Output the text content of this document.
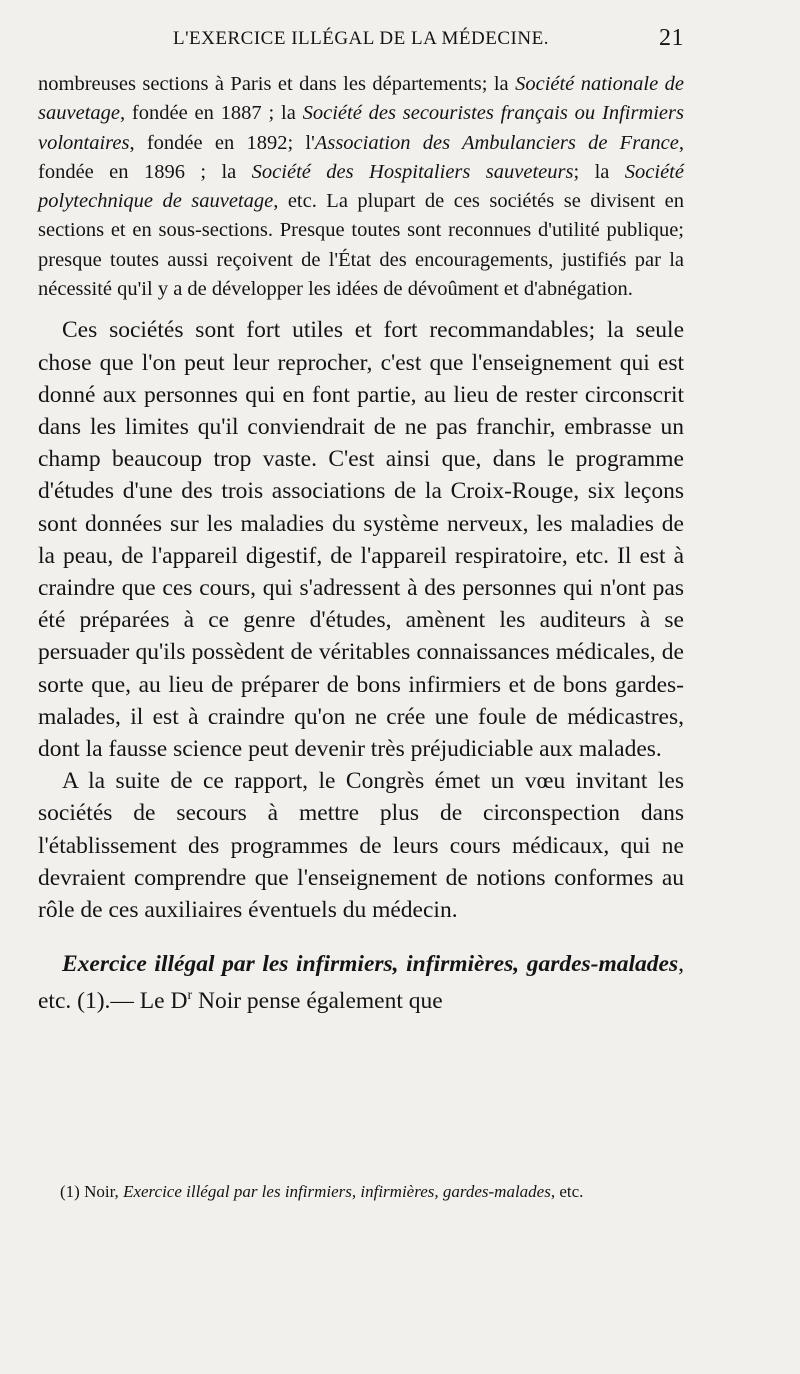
L'EXERCICE ILLÉGAL DE LA MÉDECINE.	21

nombreuses sections à Paris et dans les départements; la Société nationale de sauvetage, fondée en 1887 ; la Société des secouristes français ou Infirmiers volontaires, fondée en 1892; l'Association des Ambulanciers de France, fondée en 1896 ; la Société des Hospitaliers sauveteurs; la Société polytechnique de sauvetage, etc. La plupart de ces sociétés se divisent en sections et en sous-sections. Presque toutes sont reconnues d'utilité publique; presque toutes aussi reçoivent de l'État des encouragements, justifiés par la nécessité qu'il y a de développer les idées de dévoûment et d'abnégation.

Ces sociétés sont fort utiles et fort recommandables; la seule chose que l'on peut leur reprocher, c'est que l'enseignement qui est donné aux personnes qui en font partie, au lieu de rester circonscrit dans les limites qu'il conviendrait de ne pas franchir, embrasse un champ beaucoup trop vaste. C'est ainsi que, dans le programme d'études d'une des trois associations de la Croix-Rouge, six leçons sont données sur les maladies du système nerveux, les maladies de la peau, de l'appareil digestif, de l'appareil respiratoire, etc. Il est à craindre que ces cours, qui s'adressent à des personnes qui n'ont pas été préparées à ce genre d'études, amènent les auditeurs à se persuader qu'ils possèdent de véritables connaissances médicales, de sorte que, au lieu de préparer de bons infirmiers et de bons gardes-malades, il est à craindre qu'on ne crée une foule de médicastres, dont la fausse science peut devenir très préjudiciable aux malades.

A la suite de ce rapport, le Congrès émet un vœu invitant les sociétés de secours à mettre plus de circonspection dans l'établissement des programmes de leurs cours médicaux, qui ne devraient comprendre que l'enseignement de notions conformes au rôle de ces auxiliaires éventuels du médecin.

Exercice illégal par les infirmiers, infirmières, gardes-malades, etc. (1).— Le $D^r$ Noir pense également que

(1) Noir, Exercice illégal par les infirmiers, infirmières, gardes-malades, etc.
